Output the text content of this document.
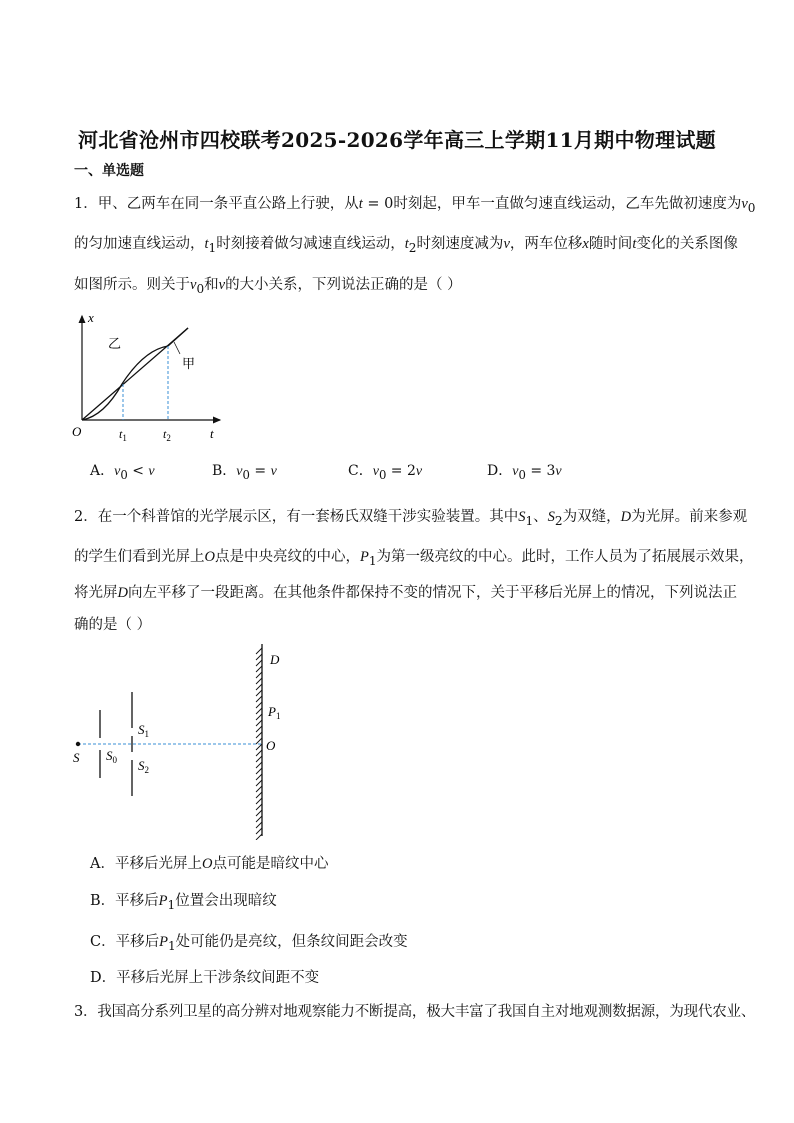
河北省沧州市四校联考2025-2026学年高三上学期11月期中物理试题
一、单选题
1．甲、乙两车在同一条平直公路上行驶，从t = 0时刻起，甲车一直做匀速直线运动，乙车先做初速度为$v_0$
的匀加速直线运动，$t_1$时刻接着做匀减速直线运动，$t_2$时刻速度减为v，两车位移x随时间t变化的关系图像
如图所示。则关于$v_0$和v的大小关系，下列说法正确的是（ ）
x
t
O
乙
甲
$t_1$	$t_2$
A．$v_0 < v$	B．$v_0 = v$	C．$v_0 = 2v$	D．$v_0 = 3v$
2．在一个科普馆的光学展示区，有一套杨氏双缝干涉实验装置。其中$S_1$、$S_2$为双缝，D为光屏。前来参观
的学生们看到光屏上O点是中央亮纹的中心，$P_1$为第一级亮纹的中心。此时，工作人员为了拓展展示效果，
将光屏D向左平移了一段距离。在其他条件都保持不变的情况下，关于平移后光屏上的情况，下列说法正
确的是（ ）
D
$P_1$
O
S $S_0$
$S_1$
$S_2$
A．平移后光屏上O点可能是暗纹中心
B．平移后$P_1$位置会出现暗纹
C．平移后$P_1$处可能仍是亮纹，但条纹间距会改变
D．平移后光屏上干涉条纹间距不变
3．我国高分系列卫星的高分辨对地观察能力不断提高，极大丰富了我国自主对地观测数据源，为现代农业、
